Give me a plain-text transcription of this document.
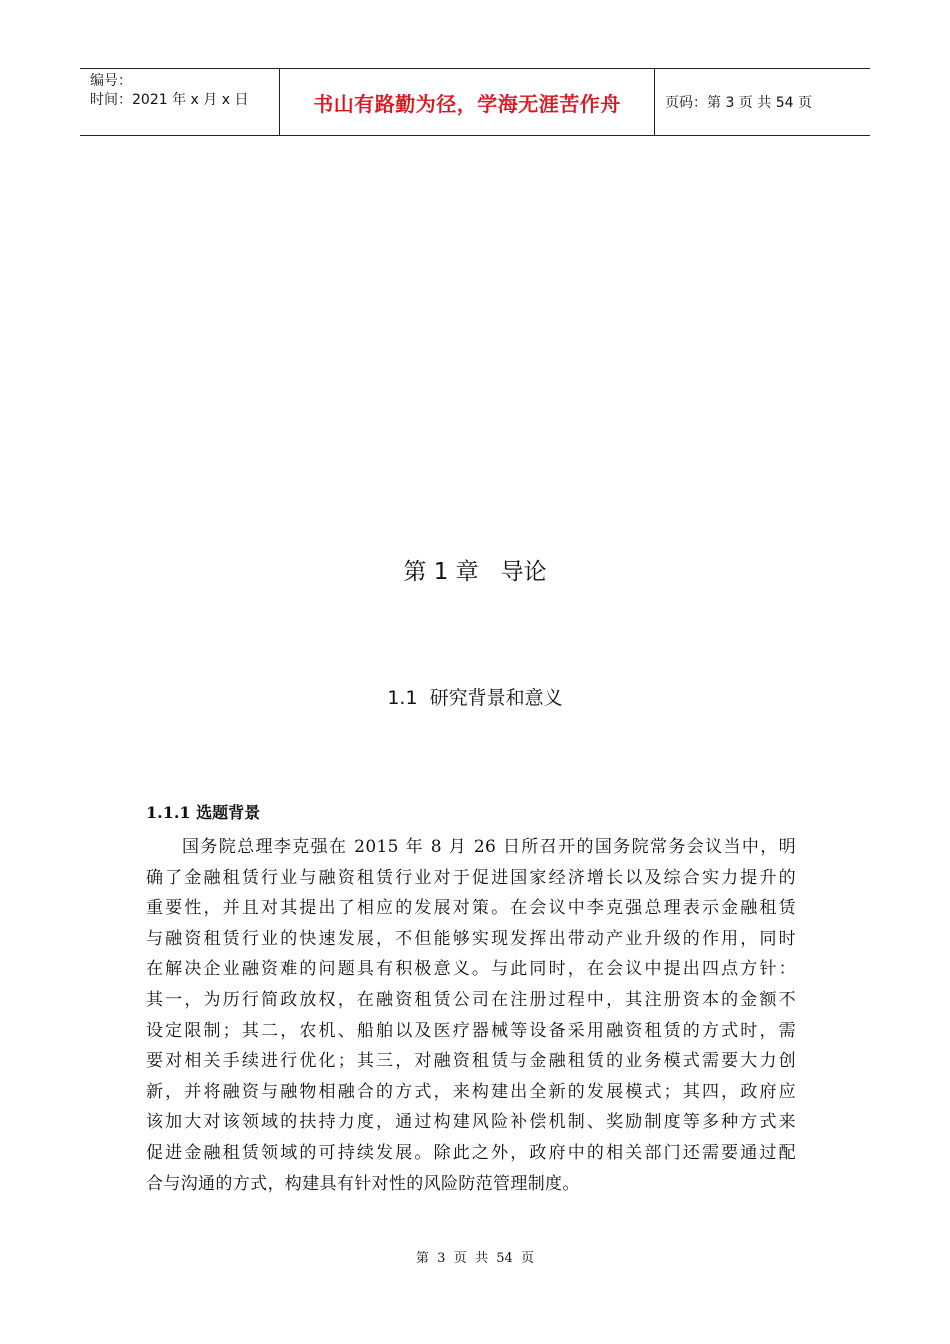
编号：
时间：2021 年 x 月 x 日	书山有路勤为径，学海无涯苦作舟	页码：第 3 页 共 54 页
第 1 章   导论
1.1  研究背景和意义
1.1.1 选题背景
国务院总理李克强在 2015 年 8 月 26 日所召开的国务院常务会议当中，明
确了金融租赁行业与融资租赁行业对于促进国家经济增长以及综合实力提升的
重要性，并且对其提出了相应的发展对策。在会议中李克强总理表示金融租赁
与融资租赁行业的快速发展，不但能够实现发挥出带动产业升级的作用，同时
在解决企业融资难的问题具有积极意义。与此同时，在会议中提出四点方针：
其一，为历行简政放权，在融资租赁公司在注册过程中，其注册资本的金额不
设定限制；其二，农机、船舶以及医疗器械等设备采用融资租赁的方式时，需
要对相关手续进行优化；其三，对融资租赁与金融租赁的业务模式需要大力创
新，并将融资与融物相融合的方式，来构建出全新的发展模式；其四，政府应
该加大对该领域的扶持力度，通过构建风险补偿机制、奖励制度等多种方式来
促进金融租赁领域的可持续发展。除此之外，政府中的相关部门还需要通过配
合与沟通的方式，构建具有针对性的风险防范管理制度。
第  3  页  共  54  页
